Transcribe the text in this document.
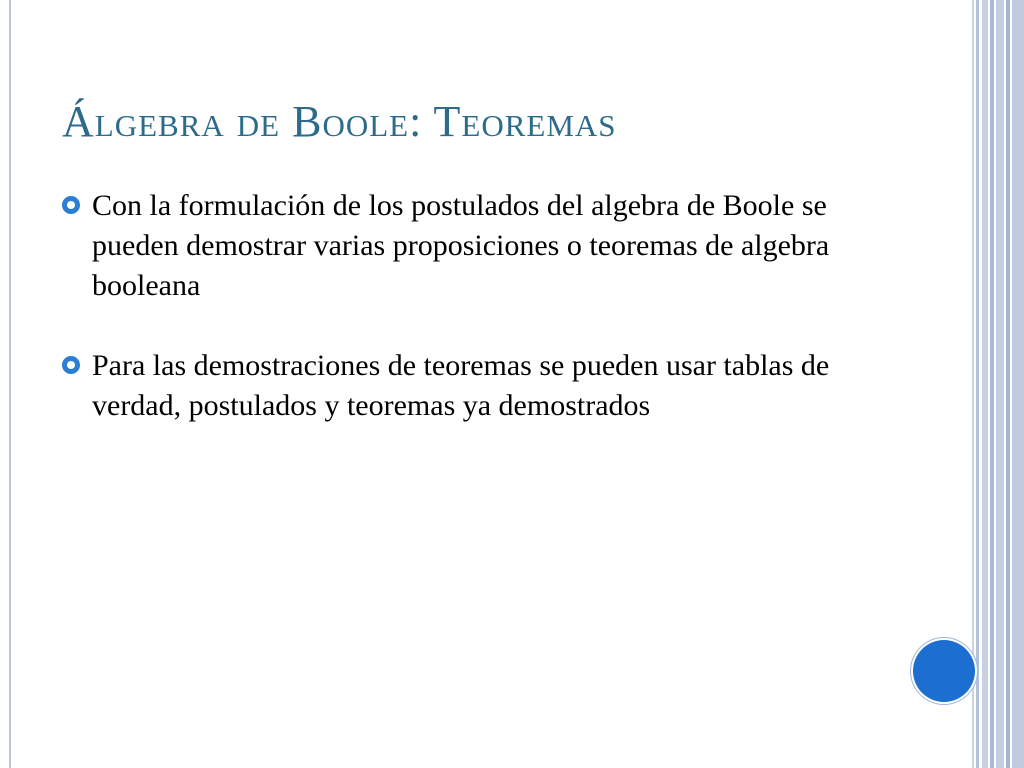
Álgebra de Boole: Teoremas
Con la formulación de los postulados del algebra de Boole se pueden demostrar varias proposiciones o teoremas de algebra booleana
Para las demostraciones de teoremas se pueden usar tablas de verdad, postulados y teoremas ya demostrados
